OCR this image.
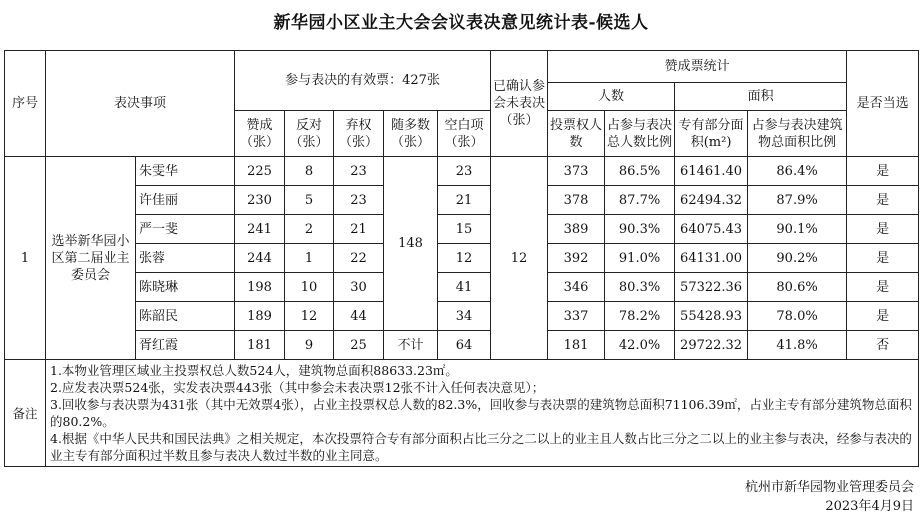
新华园小区业主大会会议表决意见统计表-候选人
序号	表决事项		参与表决的有效票：427张					已确认参会未表决（张）	赞成票统计				是否当选
									人数		面积		
			赞成（张）	反对（张）	弃权（张）	随多数（张）	空白项（张）		投票权人数	占参与表决总人数比例	专有部分面积(m²)	占参与表决建筑物总面积比例	
1	选举新华园小区第二届业主委员会	朱雯华	225	8	23	148	23	12	373	86.5%	61461.40	86.4%	是
		许佳丽	230	5	23		21		378	87.7%	62494.32	87.9%	是
		严一斐	241	2	21		15		389	90.3%	64075.43	90.1%	是
		张蓉	244	1	22		12		392	91.0%	64131.00	90.2%	是
		陈晓琳	198	10	30		41		346	80.3%	57322.36	80.6%	是
		陈韶民	189	12	44		34		337	78.2%	55428.93	78.0%	是
		胥红霞	181	9	25	不计	64		181	42.0%	29722.32	41.8%	否
备注	1.本物业管理区域业主投票权总人数524人，建筑物总面积88633.23㎡。
2.应发表决票524张，实发表决票443张（其中参会未表决票12张不计入任何表决意见）；
3.回收参与表决票为431张（其中无效票4张），占业主投票权总人数的82.3%，回收参与表决票的建筑物总面积71106.39㎡，占业主专有部分建筑物总面积的80.2%。
4.根据《中华人民共和国民法典》之相关规定，本次投票符合专有部分面积占比三分之二以上的业主且人数占比三分之二以上的业主参与表决，经参与表决的业主专有部分面积过半数且参与表决人数过半数的业主同意。												
杭州市新华园物业管理委员会
2023年4月9日
